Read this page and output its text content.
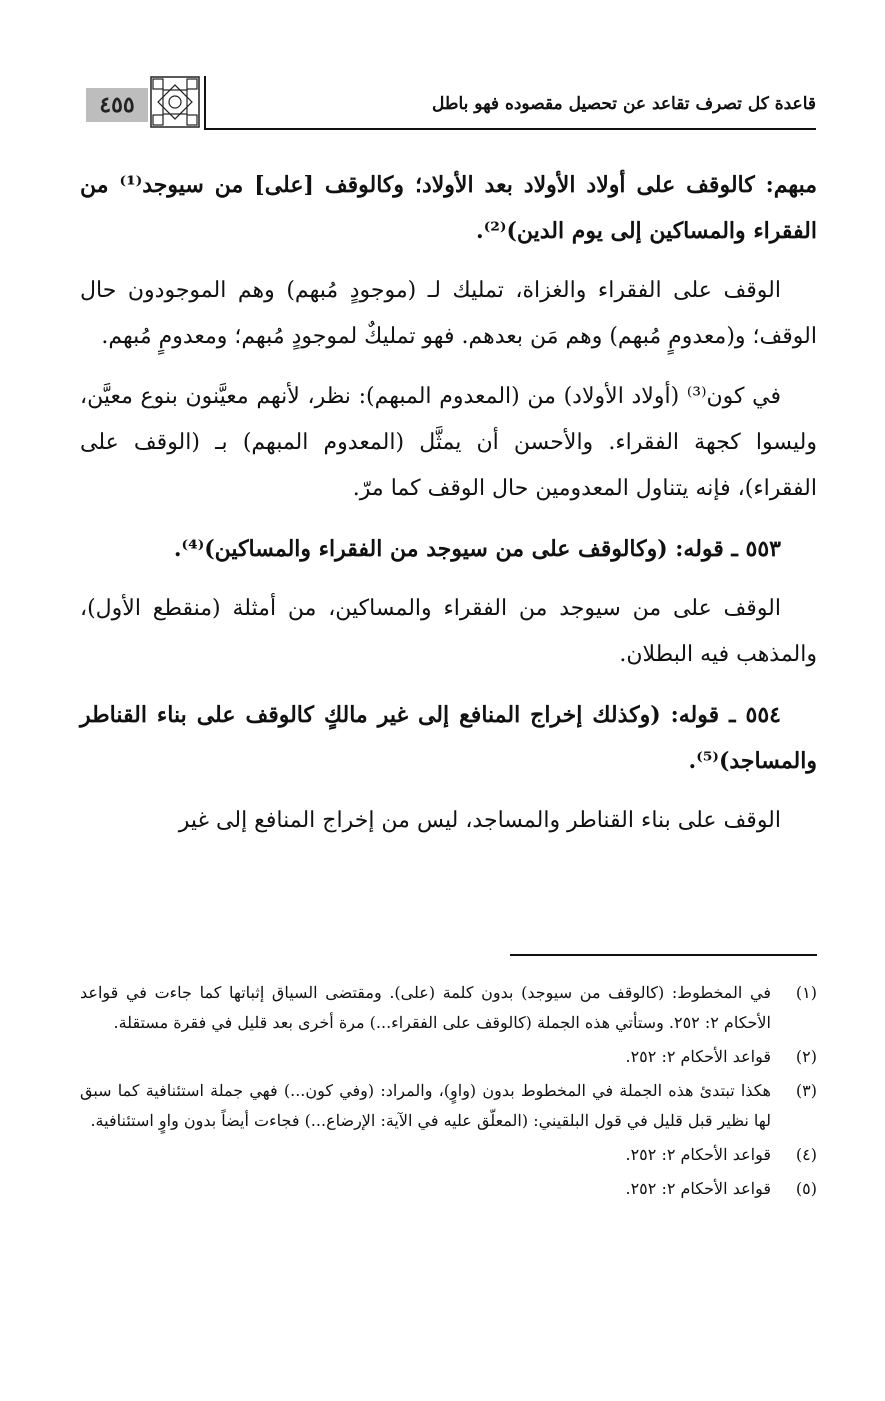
٤٥٥	قاعدة كل تصرف تقاعد عن تحصيل مقصوده فهو باطل

مبهم: كالوقف على أولاد الأولاد بعد الأولاد؛ وكالوقف [على] من سيوجد⁽¹⁾ من الفقراء والمساكين إلى يوم الدين)⁽²⁾.

الوقف على الفقراء والغزاة، تمليك لـ (موجودٍ مُبهم) وهم الموجودون حال الوقف؛ و(معدومٍ مُبهم) وهم مَن بعدهم. فهو تمليكٌ لموجودٍ مُبهم؛ ومعدومٍ مُبهم.

في كون⁽³⁾ (أولاد الأولاد) من (المعدوم المبهم): نظر، لأنهم معيَّنون بنوع معيَّن، وليسوا كجهة الفقراء. والأحسن أن يمثَّل (المعدوم المبهم) بـ (الوقف على الفقراء)، فإنه يتناول المعدومين حال الوقف كما مرّ.

٥٥٣ ـ قوله: (وكالوقف على من سيوجد من الفقراء والمساكين)⁽⁴⁾.

الوقف على من سيوجد من الفقراء والمساكين، من أمثلة (منقطع الأول)، والمذهب فيه البطلان.

٥٥٤ ـ قوله: (وكذلك إخراج المنافع إلى غير مالكٍ كالوقف على بناء القناطر والمساجد)⁽⁵⁾.

الوقف على بناء القناطر والمساجد، ليس من إخراج المنافع إلى غير

(١)
في المخطوط: (كالوقف من سيوجد) بدون كلمة (على). ومقتضى السياق إثباتها كما جاءت في قواعد الأحكام ٢: ٢٥٢. وستأتي هذه الجملة (كالوقف على الفقراء...) مرة أخرى بعد قليل في فقرة مستقلة.
(٢)
قواعد الأحكام ٢: ٢٥٢.
(٣)
هكذا تبتدئ هذه الجملة في المخطوط بدون (واوٍ)، والمراد: (وفي كون...) فهي جملة استئنافية كما سبق لها نظير قبل قليل في قول البلقيني: (المعلّق عليه في الآية: الإرضاع...) فجاءت أيضاً بدون واوٍ استئنافية.
(٤)
قواعد الأحكام ٢: ٢٥٢.
(٥)
قواعد الأحكام ٢: ٢٥٢.
